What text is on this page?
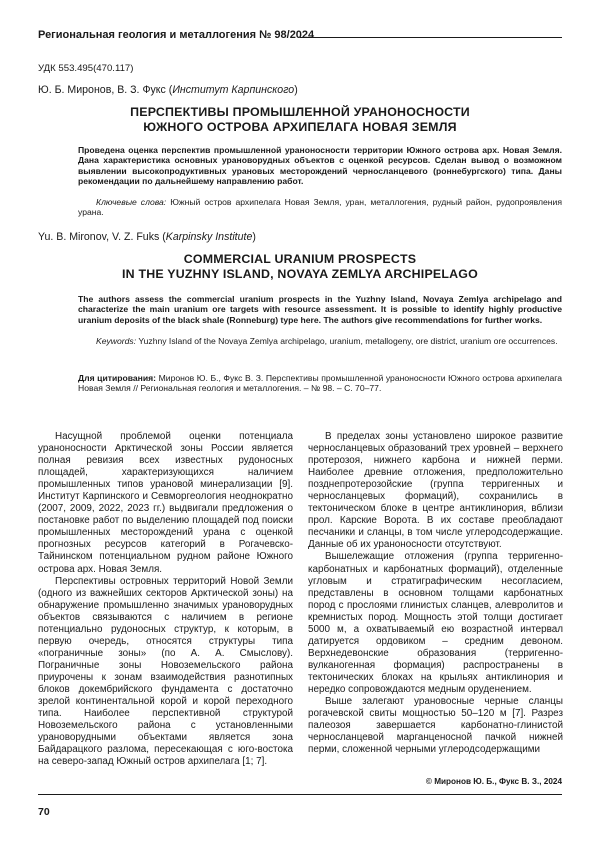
Региональная геология и металлогения № 98/2024
УДК 553.495(470.117)
Ю. Б. Миронов, В. З. Фукс (Институт Карпинского)
ПЕРСПЕКТИВЫ ПРОМЫШЛЕННОЙ УРАНОНОСНОСТИ
ЮЖНОГО ОСТРОВА АРХИПЕЛАГА НОВАЯ ЗЕМЛЯ
Проведена оценка перспектив промышленной ураноносности территории Южного острова арх. Новая Земля. Дана характеристика основных урановорудных объектов с оценкой ресурсов. Сделан вывод о возможном выявлении высокопродуктивных урановых месторождений черносланцевого (роннебургского) типа. Даны рекомендации по дальнейшему направлению работ.
Ключевые слова: Южный остров архипелага Новая Земля, уран, металлогения, рудный район, рудопроявления урана.
Yu. B. Mironov, V. Z. Fuks (Karpinsky Institute)
COMMERCIAL URANIUM PROSPECTS
IN THE YUZHNY ISLAND, NOVAYA ZEMLYA ARCHIPELAGO
The authors assess the commercial uranium prospects in the Yuzhny Island, Novaya Zemlya archipelago and characterize the main uranium ore targets with resource assessment. It is possible to identify highly productive uranium deposits of the black shale (Ronneburg) type here. The authors give recommendations for further works.
Keywords: Yuzhny Island of the Novaya Zemlya archipelago, uranium, metallogeny, ore district, uranium ore occurrences.
Для цитирования: Миронов Ю. Б., Фукс В. З. Перспективы промышленной ураноносности Южного острова архипелага Новая Земля // Региональная геология и металлогения. – № 98. – С. 70–77.

Насущной проблемой оценки потенциала ураноносности Арктической зоны России является полная ревизия всех известных рудоносных площадей, характеризующихся наличием промышленных типов урановой минерализации [9]. Институт Карпинского и Севморгеология неоднократно (2007, 2009, 2022, 2023 гг.) выдвигали предложения о постановке работ по выделению площадей под поиски промышленных месторождений урана с оценкой прогнозных ресурсов категорий в Рогачевско-Тайнинском потенциальном рудном районе Южного острова арх. Новая Земля.

Перспективы островных территорий Новой Земли (одного из важнейших секторов Арктической зоны) на обнаружение промышленно значимых урановорудных объектов связываются с наличием в регионе потенциально рудоносных структур, к которым, в первую очередь, относятся структуры типа «пограничные зоны» (по А. А. Смыслову). Пограничные зоны Новоземельского района приурочены к зонам взаимодействия разнотипных блоков докембрийского фундамента с достаточно зрелой континентальной корой и корой переходного типа. Наиболее перспективной структурой Новоземельского района с установленными урановорудными объектами является зона Байдарацкого разлома, пересекающая с юго-востока на северо-запад Южный остров архипелага [1; 7].

В пределах зоны установлено широкое развитие черносланцевых образований трех уровней – верхнего протерозоя, нижнего карбона и нижней перми. Наиболее древние отложения, предположительно позднепротерозойские (группа терригенных и черносланцевых формаций), сохранились в тектоническом блоке в центре антиклинория, вблизи прол. Карские Ворота. В их составе преобладают песчаники и сланцы, в том числе углеродсодержащие. Данные об их ураноносности отсутствуют.

Вышележащие отложения (группа терригенно-карбонатных и карбонатных формаций), отделенные угловым и стратиграфическим несогласием, представлены в основном толщами карбонатных пород с прослоями глинистых сланцев, алевролитов и кремнистых пород. Мощность этой толщи достигает 5000 м, а охватываемый ею возрастной интервал датируется ордовиком – средним девоном. Верхнедевонские образования (терригенно-вулканогенная формация) распространены в тектонических блоках на крыльях антиклинория и нередко сопровождаются медным оруденением.

Выше залегают урановосные черные сланцы рогачевской свиты мощностью 50–120 м [7]. Разрез палеозоя завершается карбонатно-глинистой черносланцевой марганценосной пачкой нижней перми, сложенной черными углеродсодержащими

© Миронов Ю. Б., Фукс В. З., 2024
70
